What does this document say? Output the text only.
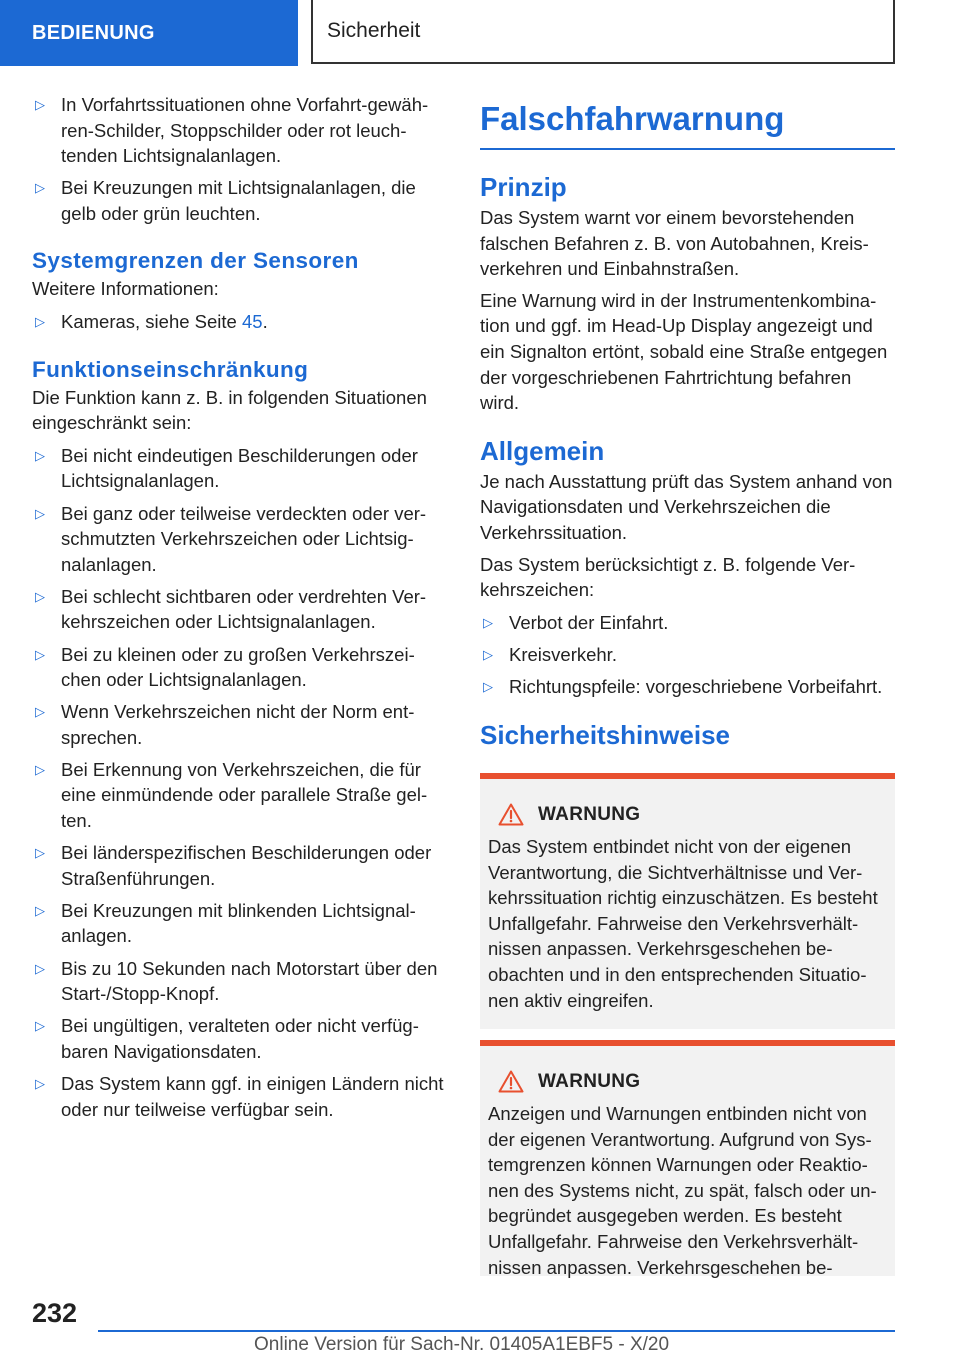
BEDIENUNG	Sicherheit
▷ In Vorfahrtssituationen ohne Vorfahrt-gewähren-Schilder, Stoppschilder oder rot leuchtenden Lichtsignalanlagen.
▷ Bei Kreuzungen mit Lichtsignalanlagen, die gelb oder grün leuchten.
Systemgrenzen der Sensoren

Weitere Informationen:

▷ Kameras, siehe Seite 45.
Funktionseinschränkung

Die Funktion kann z. B. in folgenden Situationen eingeschränkt sein:

▷ Bei nicht eindeutigen Beschilderungen oder Lichtsignalanlagen.
▷ Bei ganz oder teilweise verdeckten oder verschmutzten Verkehrszeichen oder Lichtsignalanlagen.
▷ Bei schlecht sichtbaren oder verdrehten Verkehrszeichen oder Lichtsignalanlagen.
▷ Bei zu kleinen oder zu großen Verkehrszeichen oder Lichtsignalanlagen.
▷ Wenn Verkehrszeichen nicht der Norm entsprechen.
▷ Bei Erkennung von Verkehrszeichen, die für eine einmündende oder parallele Straße gelten.
▷ Bei länderspezifischen Beschilderungen oder Straßenführungen.
▷ Bei Kreuzungen mit blinkenden Lichtsignalanlagen.
▷ Bis zu 10 Sekunden nach Motorstart über den Start-/Stopp-Knopf.
▷ Bei ungültigen, veralteten oder nicht verfügbaren Navigationsdaten.
▷ Das System kann ggf. in einigen Ländern nicht oder nur teilweise verfügbar sein.
Falschfahrwarnung
Prinzip

Das System warnt vor einem bevorstehenden falschen Befahren z. B. von Autobahnen, Kreisverkehren und Einbahnstraßen.

Eine Warnung wird in der Instrumentenkombination und ggf. im Head-Up Display angezeigt und ein Signalton ertönt, sobald eine Straße entgegen der vorgeschriebenen Fahrtrichtung befahren wird.

Allgemein

Je nach Ausstattung prüft das System anhand von Navigationsdaten und Verkehrszeichen die Verkehrssituation.

Das System berücksichtigt z. B. folgende Verkehrszeichen:

▷ Verbot der Einfahrt.
▷ Kreisverkehr.
▷ Richtungspfeile: vorgeschriebene Vorbeifahrt.
Sicherheitshinweise
WARNUNG

Das System entbindet nicht von der eigenen Verantwortung, die Sichtverhältnisse und Verkehrssituation richtig einzuschätzen. Es besteht Unfallgefahr. Fahrweise den Verkehrsverhältnissen anpassen. Verkehrsgeschehen beobachten und in den entsprechenden Situationen aktiv eingreifen.

WARNUNG

Anzeigen und Warnungen entbinden nicht von der eigenen Verantwortung. Aufgrund von Systemgrenzen können Warnungen oder Reaktionen des Systems nicht, zu spät, falsch oder unbegründet ausgegeben werden. Es besteht Unfallgefahr. Fahrweise den Verkehrsverhältnissen anpassen. Verkehrsgeschehen be-

232
Online Version für Sach-Nr. 01405A1EBF5 - X/20
